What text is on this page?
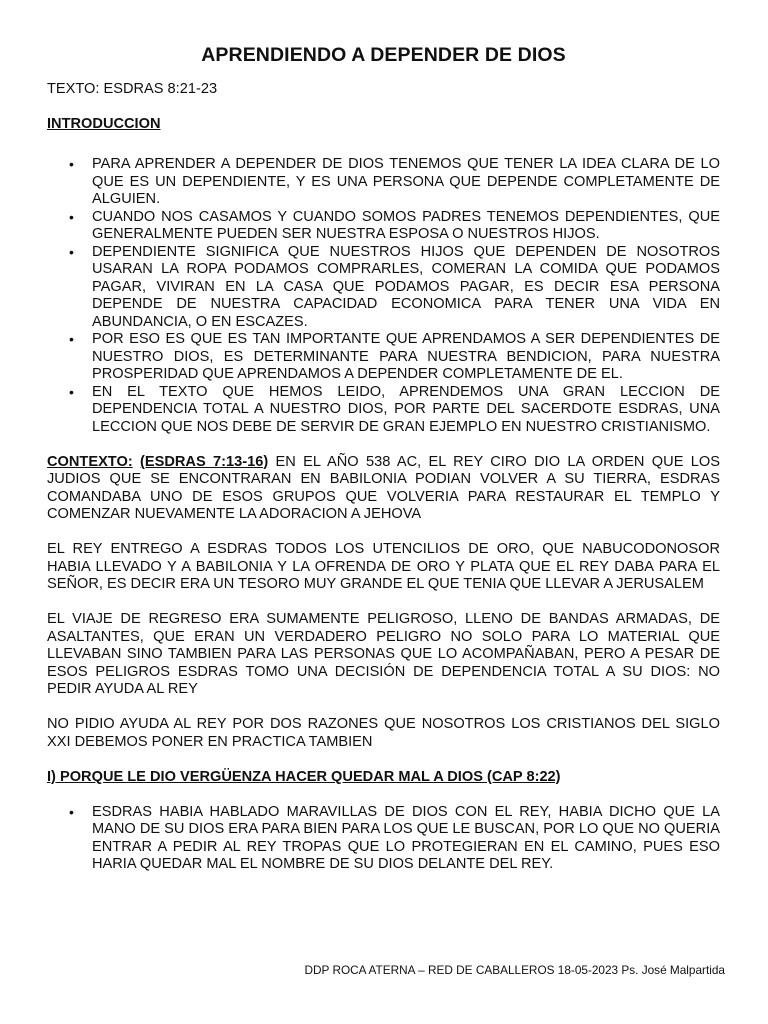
APRENDIENDO A DEPENDER DE DIOS

TEXTO: ESDRAS 8:21-23

INTRODUCCION

• PARA APRENDER A DEPENDER DE DIOS TENEMOS QUE TENER LA IDEA CLARA DE LO QUE ES UN DEPENDIENTE, Y ES UNA PERSONA QUE DEPENDE COMPLETAMENTE DE ALGUIEN.
• CUANDO NOS CASAMOS Y CUANDO SOMOS PADRES TENEMOS DEPENDIENTES, QUE GENERALMENTE PUEDEN SER NUESTRA ESPOSA O NUESTROS HIJOS.
• DEPENDIENTE SIGNIFICA QUE NUESTROS HIJOS QUE DEPENDEN DE NOSOTROS USARAN LA ROPA PODAMOS COMPRARLES, COMERAN LA COMIDA QUE PODAMOS PAGAR, VIVIRAN EN LA CASA QUE PODAMOS PAGAR, ES DECIR ESA PERSONA DEPENDE DE NUESTRA CAPACIDAD ECONOMICA PARA TENER UNA VIDA EN ABUNDANCIA, O EN ESCAZES.
• POR ESO ES QUE ES TAN IMPORTANTE QUE APRENDAMOS A SER DEPENDIENTES DE NUESTRO DIOS, ES DETERMINANTE PARA NUESTRA BENDICION, PARA NUESTRA PROSPERIDAD QUE APRENDAMOS A DEPENDER COMPLETAMENTE DE EL.
• EN EL TEXTO QUE HEMOS LEIDO, APRENDEMOS UNA GRAN LECCION DE DEPENDENCIA TOTAL A NUESTRO DIOS, POR PARTE DEL SACERDOTE ESDRAS, UNA LECCION QUE NOS DEBE DE SERVIR DE GRAN EJEMPLO EN NUESTRO CRISTIANISMO.

CONTEXTO: (ESDRAS 7:13-16) EN EL AÑO 538 AC, EL REY CIRO DIO LA ORDEN QUE LOS JUDIOS QUE SE ENCONTRARAN EN BABILONIA PODIAN VOLVER A SU TIERRA, ESDRAS COMANDABA UNO DE ESOS GRUPOS QUE VOLVERIA PARA RESTAURAR EL TEMPLO Y COMENZAR NUEVAMENTE LA ADORACION A JEHOVA

EL REY ENTREGO A ESDRAS TODOS LOS UTENCILIOS DE ORO, QUE NABUCODONOSOR HABIA LLEVADO Y A BABILONIA Y LA OFRENDA DE ORO Y PLATA QUE EL REY DABA PARA EL SEÑOR, ES DECIR ERA UN TESORO MUY GRANDE EL QUE TENIA QUE LLEVAR A JERUSALEM

EL VIAJE DE REGRESO ERA SUMAMENTE PELIGROSO, LLENO DE BANDAS ARMADAS, DE ASALTANTES, QUE ERAN UN VERDADERO PELIGRO NO SOLO PARA LO MATERIAL QUE LLEVABAN SINO TAMBIEN PARA LAS PERSONAS QUE LO ACOMPAÑABAN, PERO A PESAR DE ESOS PELIGROS ESDRAS TOMO UNA DECISIÓN DE DEPENDENCIA TOTAL A SU DIOS: NO PEDIR AYUDA AL REY

NO PIDIO AYUDA AL REY POR DOS RAZONES QUE NOSOTROS LOS CRISTIANOS DEL SIGLO XXI DEBEMOS PONER EN PRACTICA TAMBIEN

I) PORQUE LE DIO VERGÜENZA HACER QUEDAR MAL A DIOS (CAP 8:22)

• ESDRAS HABIA HABLADO MARAVILLAS DE DIOS CON EL REY, HABIA DICHO QUE LA MANO DE SU DIOS ERA PARA BIEN PARA LOS QUE LE BUSCAN, POR LO QUE NO QUERIA ENTRAR A PEDIR AL REY TROPAS QUE LO PROTEGIERAN EN EL CAMINO, PUES ESO HARIA QUEDAR MAL EL NOMBRE DE SU DIOS DELANTE DEL REY.
DDP ROCA ATERNA – RED DE CABALLEROS 18-05-2023 Ps. José Malpartida
